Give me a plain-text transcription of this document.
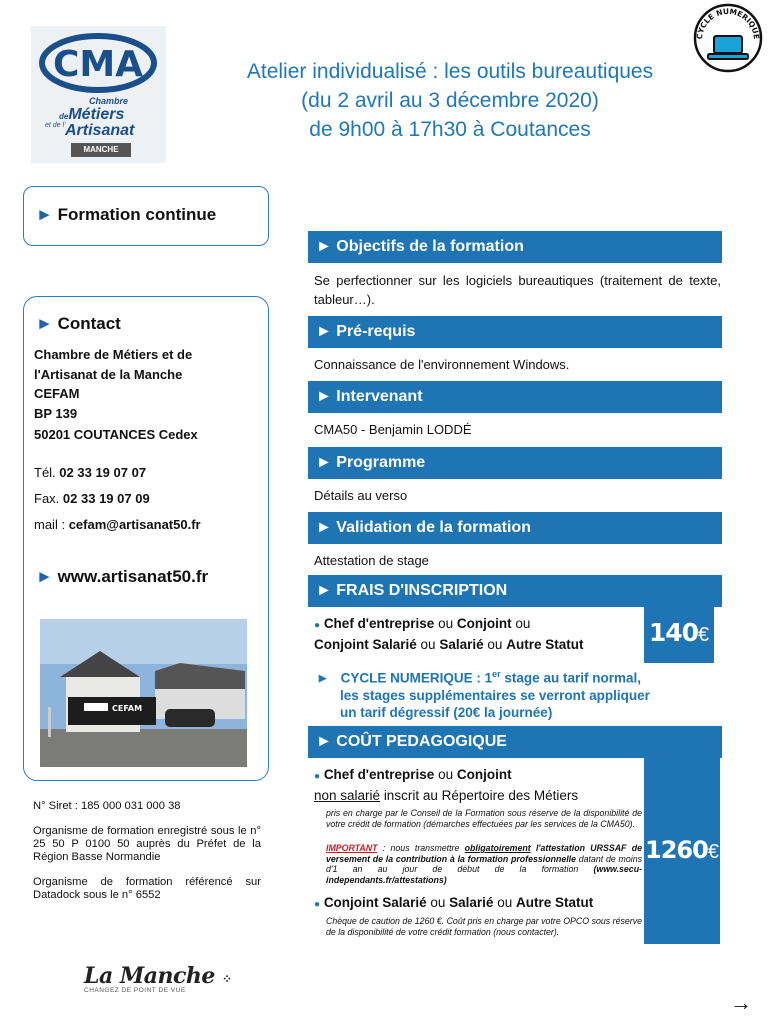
CMA
Chambre
deMétiers
et de l' Artisanat
MANCHE
Atelier individualisé : les outils bureautiques
(du 2 avril au 3 décembre 2020)
de 9h00 à 17h30 à Coutances
CYCLE NUMERIQUE
► Formation continue
► Contact
Chambre de Métiers et de
l'Artisanat de la Manche
CEFAM
BP 139
50201 COUTANCES Cedex
Tél. 02 33 19 07 07
Fax. 02 33 19 07 09
mail : cefam@artisanat50.fr
► www.artisanat50.fr
CEFAM

N° Siret : 185 000 031 000 38

Organisme de formation enregistré sous le n° 25 50 P 0100 50 auprès du Préfet de la Région Basse Normandie

Organisme de formation référencé sur Datadock sous le n° 6552

La Manche ⁘
CHANGEZ DE POINT DE VUE	→
► Objectifs de la formation
Se perfectionner sur les logiciels bureautiques (traitement de texte, tableur…).
► Pré-requis
Connaissance de l'environnement Windows.
► Intervenant
CMA50 - Benjamin LODDÉ
► Programme
Détails au verso
► Validation de la formation
Attestation de stage
► FRAIS D'INSCRIPTION
● Chef d'entreprise ou Conjoint ou
Conjoint Salarié ou Salarié ou Autre Statut	140€
► CYCLE NUMERIQUE : 1er stage au tarif normal,
les stages supplémentaires se verront appliquer
un tarif dégressif (20€ la journée)
► COÛT PEDAGOGIQUE
● Chef d'entreprise ou Conjoint
non salarié inscrit au Répertoire des Métiers
pris en charge par le Conseil de la Formation sous réserve de la disponibilité de votre crédit de formation (démarches effectuées par les services de la CMA50).
IMPORTANT : nous transmettre obligatoirement l'attestation URSSAF de versement de la contribution à la formation professionnelle datant de moins d'1 an au jour de début de la formation (www.secu-independants.fr/attestations)
● Conjoint Salarié ou Salarié ou Autre Statut
Chèque de caution de 1260 €. Coût pris en charge par votre OPCO sous réserve de la disponibilité de votre crédit formation (nous contacter).
1260€
